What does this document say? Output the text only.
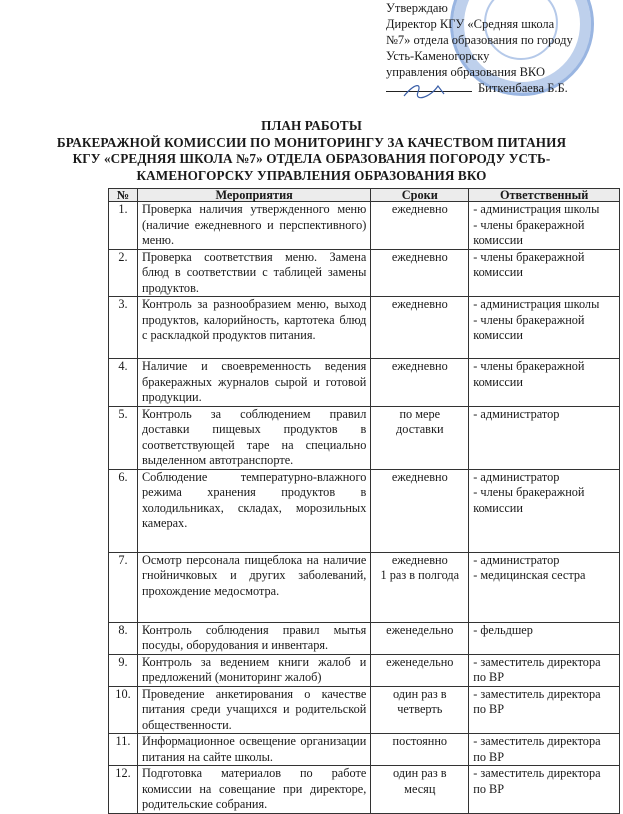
Утверждаю
Директор КГУ «Средняя школа
№7» отдела образования по городу
Усть-Каменогорску
управления образования ВКО
Биткенбаева Б.Б.
ПЛАН РАБОТЫ
БРАКЕРАЖНОЙ КОМИССИИ ПО МОНИТОРИНГУ ЗА КАЧЕСТВОМ ПИТАНИЯ
КГУ «СРЕДНЯЯ ШКОЛА №7» ОТДЕЛА ОБРАЗОВАНИЯ ПОГОРОДУ УСТЬ-
КАМЕНОГОРСКУ УПРАВЛЕНИЯ ОБРАЗОВАНИЯ ВКО
№	Мероприятия	Сроки	Ответственный
1.	Проверка наличия утвержденного меню (наличие ежедневного и перспективного) меню.	ежедневно	- администрация школы
- члены бракеражной комиссии

2.	Проверка соответствия меню. Замена блюд в соответствии с таблицей замены продуктов.	ежедневно	- члены бракеражной комиссии

3.	Контроль за разнообразием меню, выход продуктов, калорийность, картотека блюд с раскладкой продуктов питания.	ежедневно	- администрация школы
- члены бракеражной комиссии

4.	Наличие и своевременность ведения бракеражных журналов сырой и готовой продукции.	ежедневно	- члены бракеражной комиссии

5.	Контроль за соблюдением правил доставки пищевых продуктов в соответствующей таре на специально выделенном автотранспорте.	по мере
доставки	- администратор

6.	Соблюдение температурно-влажного режима хранения продуктов в холодильниках, складах, морозильных камерах.	ежедневно	- администратор
- члены бракеражной комиссии

7.	Осмотр персонала пищеблока на наличие гнойничковых и других заболеваний, прохождение медосмотра.	ежедневно
1 раз в полгода	- администратор
- медицинская сестра

8.	Контроль соблюдения правил мытья посуды, оборудования и инвентаря.	еженедельно	- фельдшер

9.	Контроль за ведением книги жалоб и предложений (мониторинг жалоб)	еженедельно	- заместитель директора по ВР

10.	Проведение анкетирования о качестве питания среди учащихся и родительской общественности.	один раз в
четверть	- заместитель директора по ВР

11.	Информационное освещение организации питания на сайте школы.	постоянно	- заместитель директора по ВР

12.	Подготовка материалов по работе комиссии на совещание при директоре, родительские собрания.	один раз в
месяц	- заместитель директора по ВР
